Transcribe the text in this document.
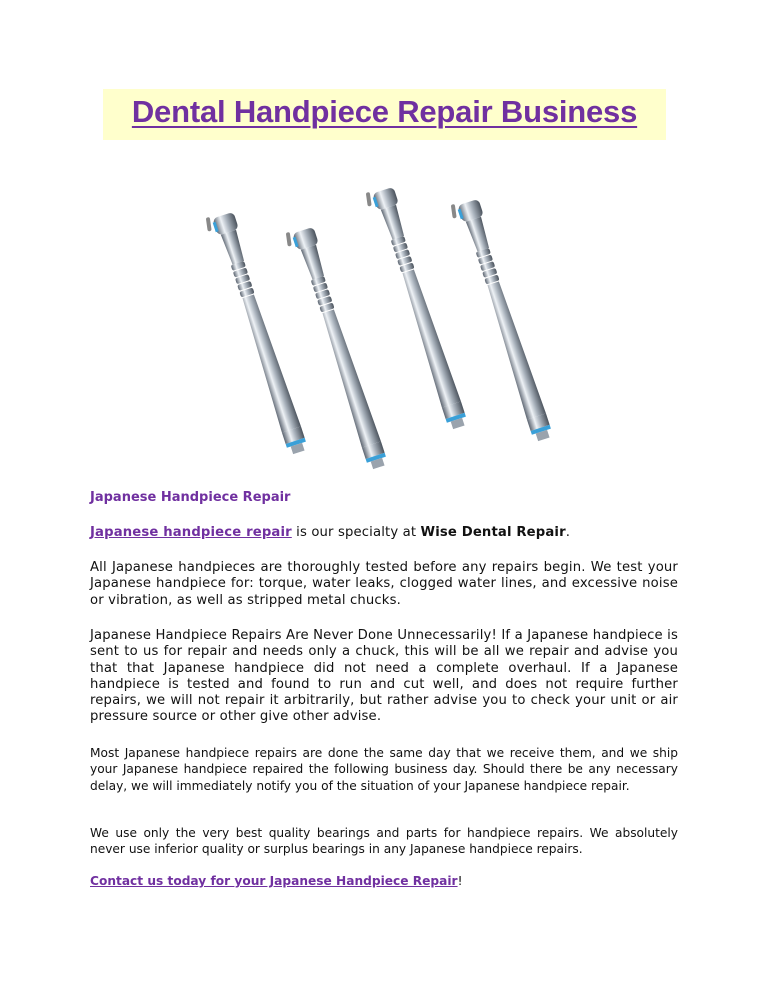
Dental Handpiece Repair Business
Japanese Handpiece Repair

Japanese handpiece repair is our specialty at Wise Dental Repair.

All Japanese handpieces are thoroughly tested before any repairs begin. We test your Japanese handpiece for: torque, water leaks, clogged water lines, and excessive noise or vibration, as well as stripped metal chucks.

Japanese Handpiece Repairs Are Never Done Unnecessarily! If a Japanese handpiece is sent to us for repair and needs only a chuck, this will be all we repair and advise you that that Japanese handpiece did not need a complete overhaul. If a Japanese handpiece is tested and found to run and cut well, and does not require further repairs, we will not repair it arbitrarily, but rather advise you to check your unit or air pressure source or other give other advise.

Most Japanese handpiece repairs are done the same day that we receive them, and we ship your Japanese handpiece repaired the following business day. Should there be any necessary delay, we will immediately notify you of the situation of your Japanese handpiece repair.

We use only the very best quality bearings and parts for handpiece repairs. We absolutely never use inferior quality or surplus bearings in any Japanese handpiece repairs.

Contact us today for your Japanese Handpiece Repair!
